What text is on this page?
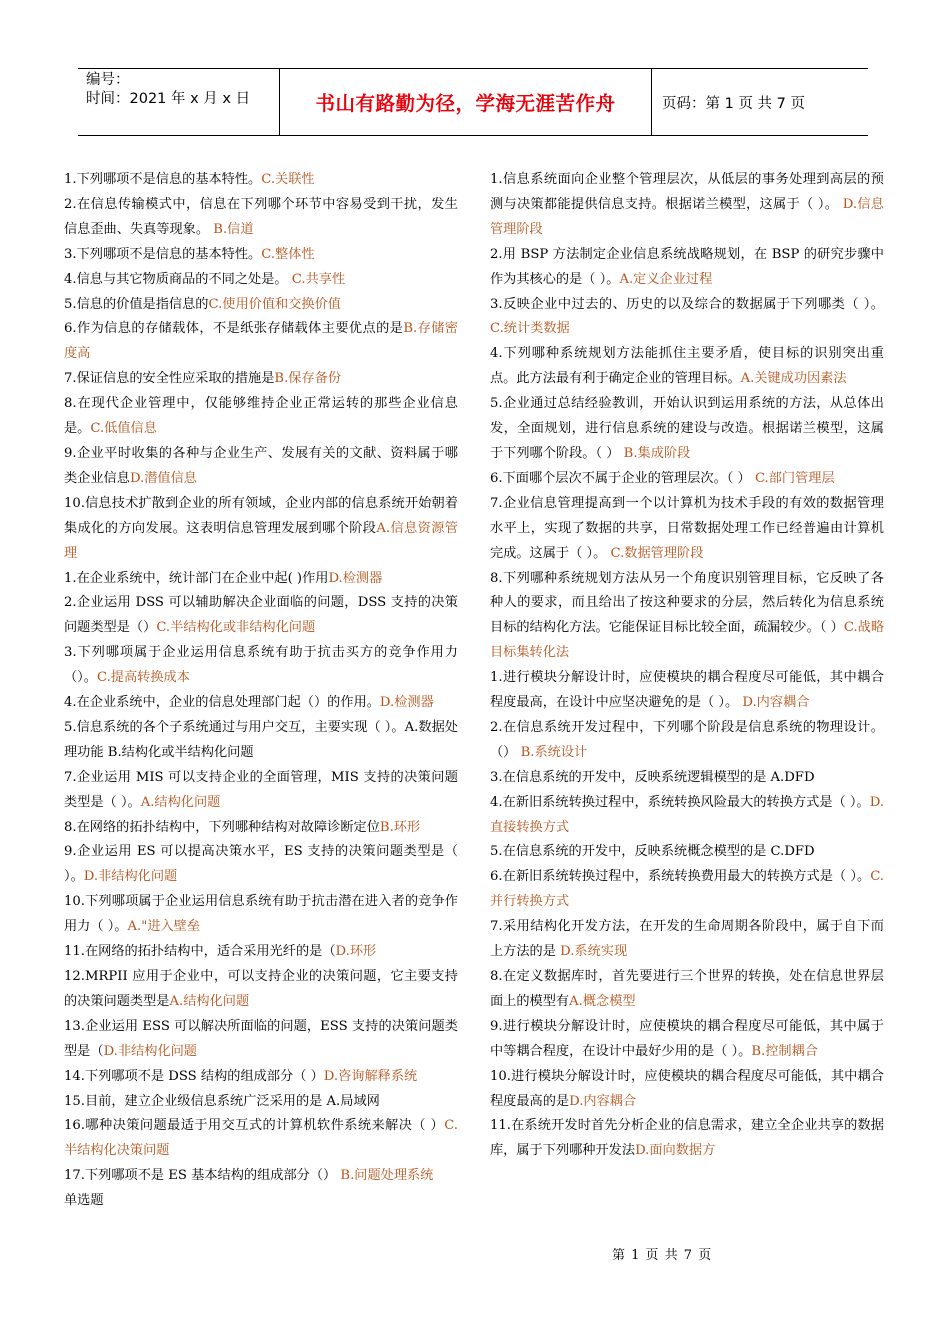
编号：
时间：2021 年 x 月 x 日	书山有路勤为径，学海无涯苦作舟	页码：第 1 页 共 7 页

1.下列哪项不是信息的基本特性。C.关联性

2.在信息传输模式中，信息在下列哪个环节中容易受到干扰，发生信息歪曲、失真等现象。 B.信道

3.下列哪项不是信息的基本特性。C.整体性

4.信息与其它物质商品的不同之处是。 C.共享性

5.信息的价值是指信息的C.使用价值和交换价值

6.作为信息的存储载体，不是纸张存储载体主要优点的是B.存储密度高

7.保证信息的安全性应采取的措施是B.保存备份

8.在现代企业管理中，仅能够维持企业正常运转的那些企业信息是。C.低值信息

9.企业平时收集的各种与企业生产、发展有关的文献、资料属于哪类企业信息D.潜值信息

10.信息技术扩散到企业的所有领域，企业内部的信息系统开始朝着集成化的方向发展。这表明信息管理发展到哪个阶段A.信息资源管理

1.在企业系统中，统计部门在企业中起( )作用D.检测器

2.企业运用 DSS 可以辅助解决企业面临的问题，DSS 支持的决策问题类型是（）C.半结构化或非结构化问题

3.下列哪项属于企业运用信息系统有助于抗击买方的竞争作用力（）。C.提高转换成本

4.在企业系统中，企业的信息处理部门起（）的作用。D.检测器

5.信息系统的各个子系统通过与用户交互，主要实现（ ）。A.数据处理功能 B.结构化或半结构化问题

7.企业运用 MIS 可以支持企业的全面管理，MIS 支持的决策问题类型是（ ）。A.结构化问题

8.在网络的拓扑结构中，下列哪种结构对故障诊断定位B.环形

9.企业运用 ES 可以提高决策水平，ES 支持的决策问题类型是（ ）。D.非结构化问题

10.下列哪项属于企业运用信息系统有助于抗击潜在进入者的竞争作用力（ ）。A."进入壁垒

11.在网络的拓扑结构中，适合采用光纤的是（D.环形

12.MRPII 应用于企业中，可以支持企业的决策问题，它主要支持的决策问题类型是A.结构化问题

13.企业运用 ESS 可以解决所面临的问题，ESS 支持的决策问题类型是（D.非结构化问题

14.下列哪项不是 DSS 结构的组成部分（ ）D.咨询解释系统

15.目前，建立企业级信息系统广泛采用的是 A.局域网

16.哪种决策问题最适于用交互式的计算机软件系统来解决（ ）C.半结构化决策问题

17.下列哪项不是 ES 基本结构的组成部分（） B.问题处理系统

单选题

1.信息系统面向企业整个管理层次，从低层的事务处理到高层的预测与决策都能提供信息支持。根据诺兰模型，这属于（ ）。 D.信息管理阶段

2.用 BSP 方法制定企业信息系统战略规划，在 BSP 的研究步骤中作为其核心的是（ ）。A.定义企业过程

3.反映企业中过去的、历史的以及综合的数据属于下列哪类（ ）。 C.统计类数据

4.下列哪种系统规划方法能抓住主要矛盾，使目标的识别突出重点。此方法最有利于确定企业的管理目标。A.关键成功因素法

5.企业通过总结经验教训，开始认识到运用系统的方法，从总体出发，全面规划，进行信息系统的建设与改造。根据诺兰模型，这属于下列哪个阶段。（ ） B.集成阶段

6.下面哪个层次不属于企业的管理层次。（ ） C.部门管理层

7.企业信息管理提高到一个以计算机为技术手段的有效的数据管理水平上，实现了数据的共享，日常数据处理工作已经普遍由计算机完成。这属于（ ）。 C.数据管理阶段

8.下列哪种系统规划方法从另一个角度识别管理目标，它反映了各种人的要求，而且给出了按这种要求的分层，然后转化为信息系统目标的结构化方法。它能保证目标比较全面，疏漏较少。（ ）C.战略目标集转化法

1.进行模块分解设计时，应使模块的耦合程度尽可能低，其中耦合程度最高，在设计中应坚决避免的是（ ）。 D.内容耦合

2.在信息系统开发过程中，下列哪个阶段是信息系统的物理设计。（） B.系统设计

3.在信息系统的开发中，反映系统逻辑模型的是 A.DFD

4.在新旧系统转换过程中，系统转换风险最大的转换方式是（ ）。D.直接转换方式

5.在信息系统的开发中，反映系统概念模型的是 C.DFD

6.在新旧系统转换过程中，系统转换费用最大的转换方式是（ ）。C.并行转换方式

7.采用结构化开发方法，在开发的生命周期各阶段中，属于自下而上方法的是 D.系统实现

8.在定义数据库时，首先要进行三个世界的转换，处在信息世界层面上的模型有A.概念模型

9.进行模块分解设计时，应使模块的耦合程度尽可能低，其中属于中等耦合程度，在设计中最好少用的是（ ）。B.控制耦合

10.进行模块分解设计时，应使模块的耦合程度尽可能低，其中耦合程度最高的是D.内容耦合

11.在系统开发时首先分析企业的信息需求，建立全企业共享的数据库，属于下列哪种开发法D.面向数据方

第 1 页 共 7 页
